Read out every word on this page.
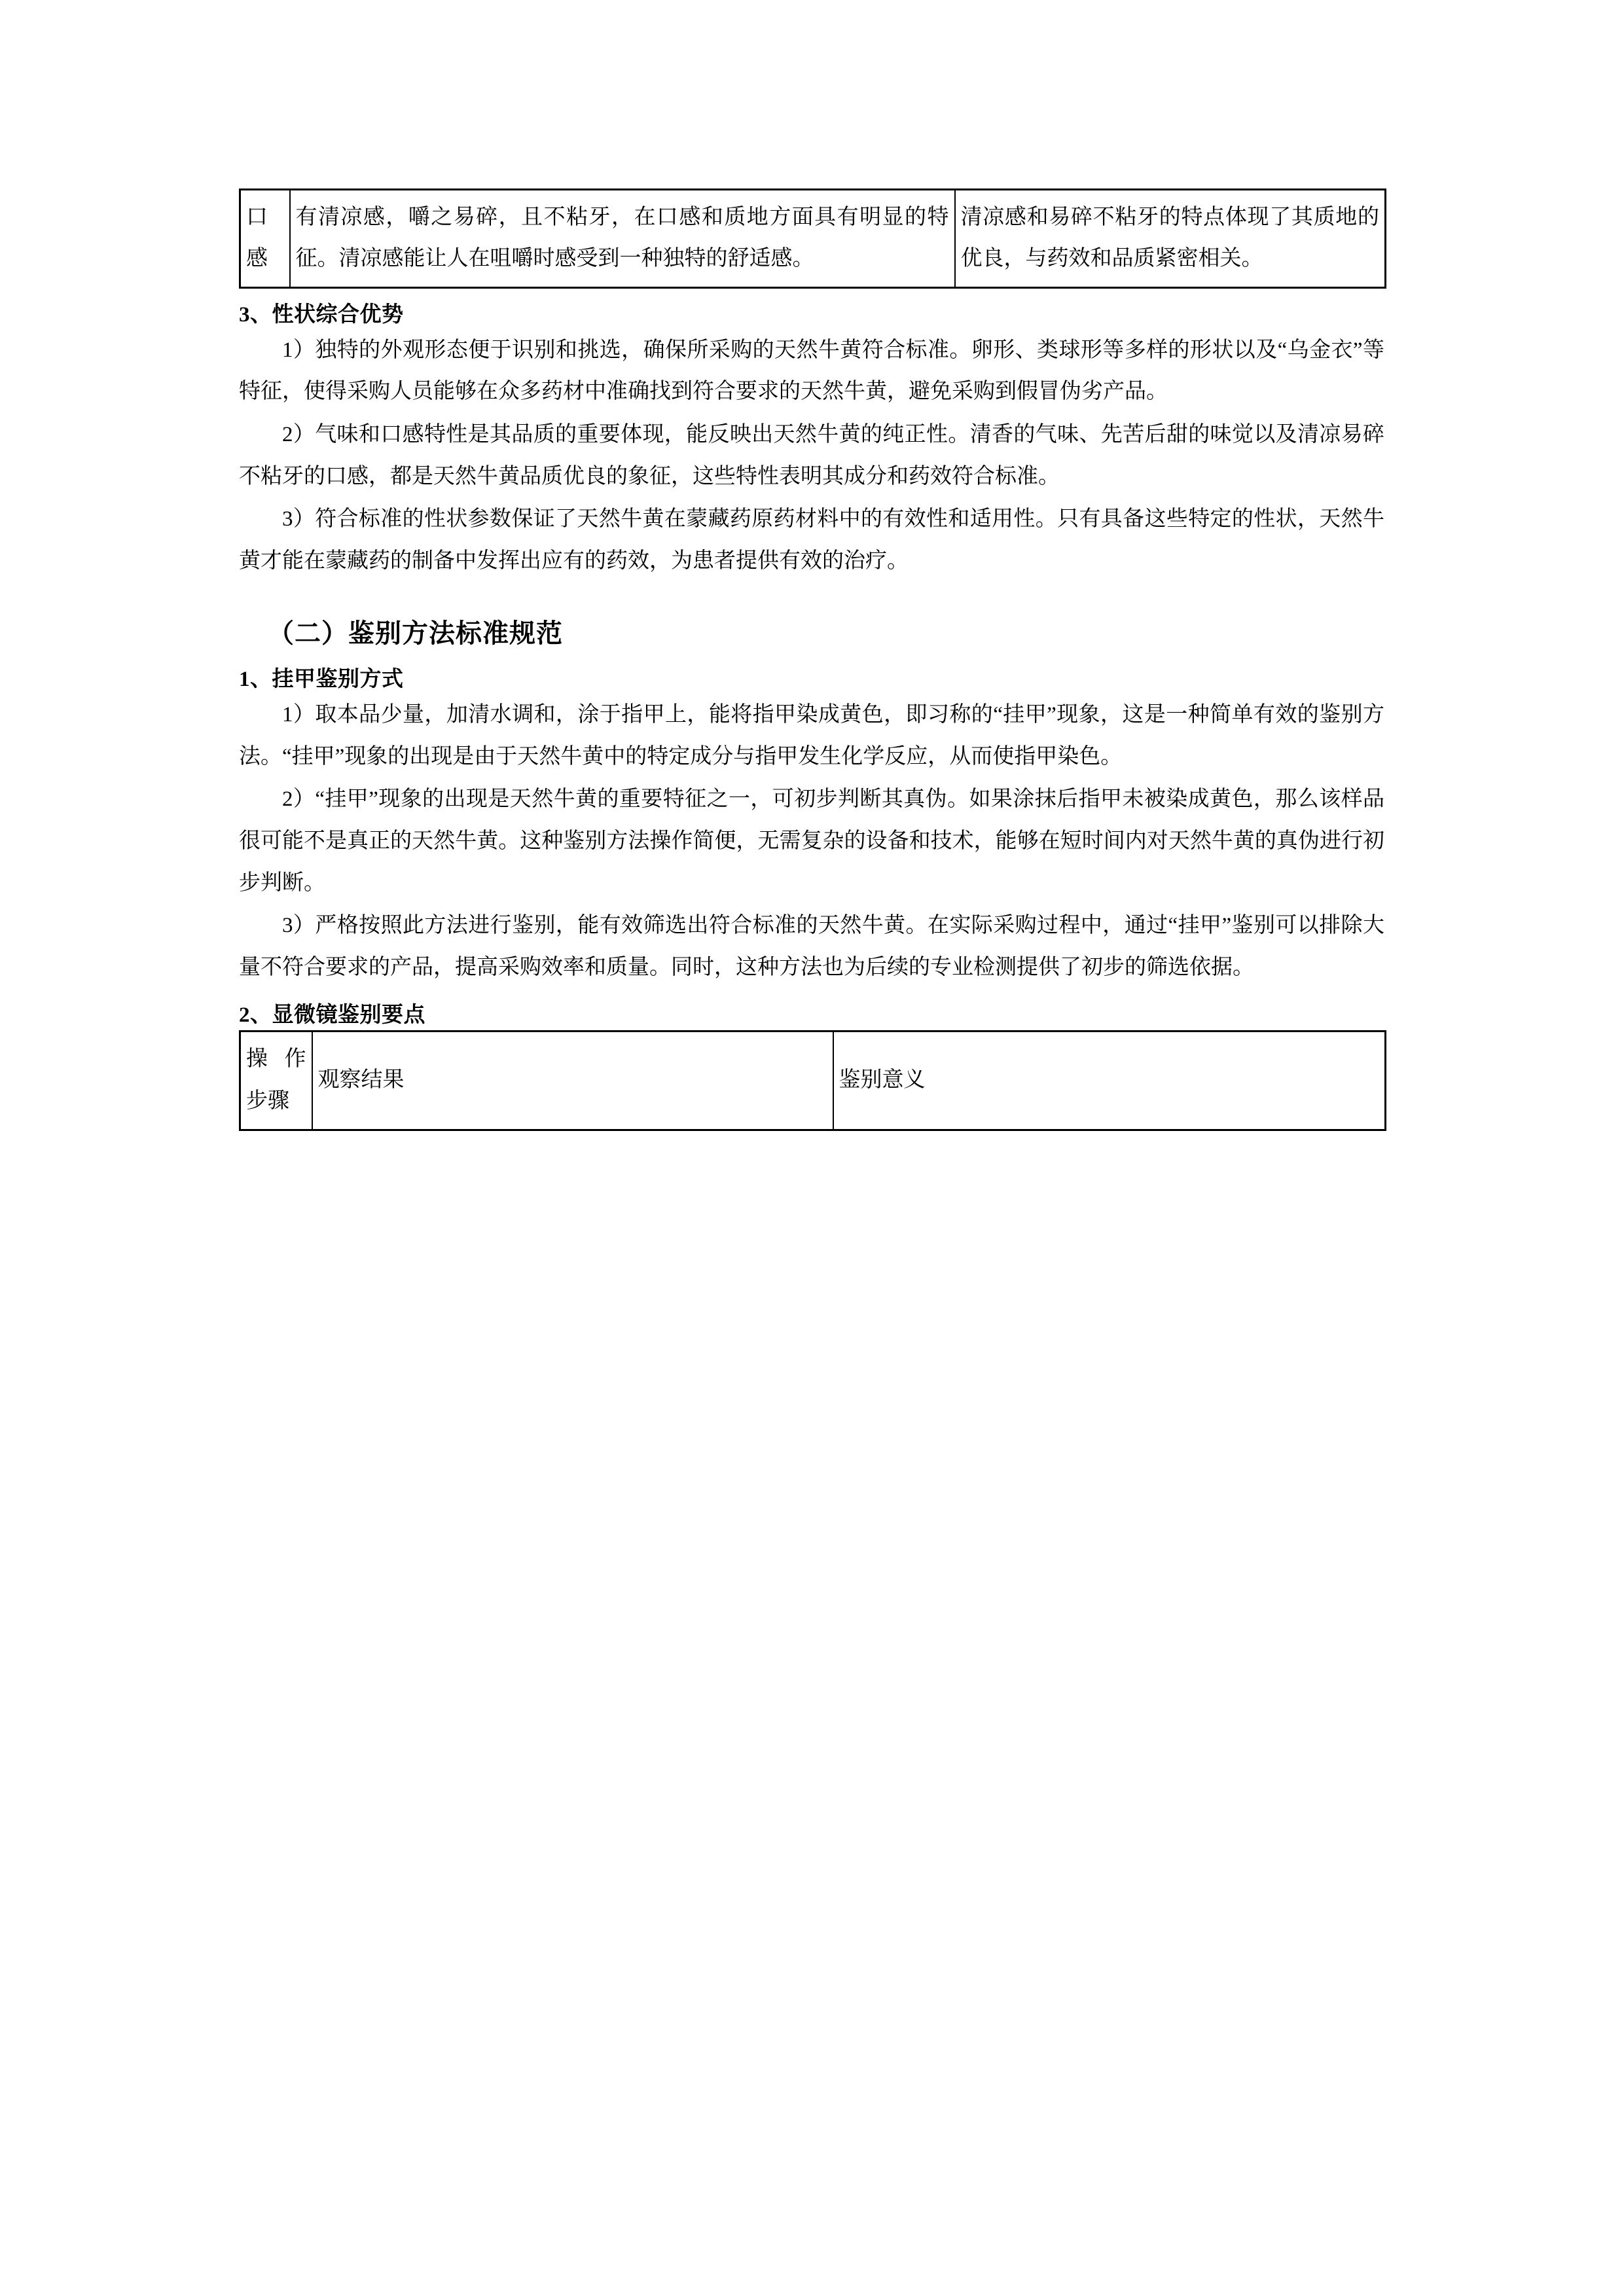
口感	有清凉感，嚼之易碎，且不粘牙，在口感和质地方面具有明显的特征。清凉感能让人在咀嚼时感受到一种独特的舒适感。	清凉感和易碎不粘牙的特点体现了其质地的优良，与药效和品质紧密相关。
3、性状综合优势

1）独特的外观形态便于识别和挑选，确保所采购的天然牛黄符合标准。卵形、类球形等多样的形状以及“乌金衣”等特征，使得采购人员能够在众多药材中准确找到符合要求的天然牛黄，避免采购到假冒伪劣产品。

2）气味和口感特性是其品质的重要体现，能反映出天然牛黄的纯正性。清香的气味、先苦后甜的味觉以及清凉易碎不粘牙的口感，都是天然牛黄品质优良的象征，这些特性表明其成分和药效符合标准。

3）符合标准的性状参数保证了天然牛黄在蒙藏药原药材料中的有效性和适用性。只有具备这些特定的性状，天然牛黄才能在蒙藏药的制备中发挥出应有的药效，为患者提供有效的治疗。

（二）鉴别方法标准规范
1、挂甲鉴别方式

1）取本品少量，加清水调和，涂于指甲上，能将指甲染成黄色，即习称的“挂甲”现象，这是一种简单有效的鉴别方法。“挂甲”现象的出现是由于天然牛黄中的特定成分与指甲发生化学反应，从而使指甲染色。

2）“挂甲”现象的出现是天然牛黄的重要特征之一，可初步判断其真伪。如果涂抹后指甲未被染成黄色，那么该样品很可能不是真正的天然牛黄。这种鉴别方法操作简便，无需复杂的设备和技术，能够在短时间内对天然牛黄的真伪进行初步判断。

3）严格按照此方法进行鉴别，能有效筛选出符合标准的天然牛黄。在实际采购过程中，通过“挂甲”鉴别可以排除大量不符合要求的产品，提高采购效率和质量。同时，这种方法也为后续的专业检测提供了初步的筛选依据。

2、显微镜鉴别要点
操作步骤	观察结果	鉴别意义
